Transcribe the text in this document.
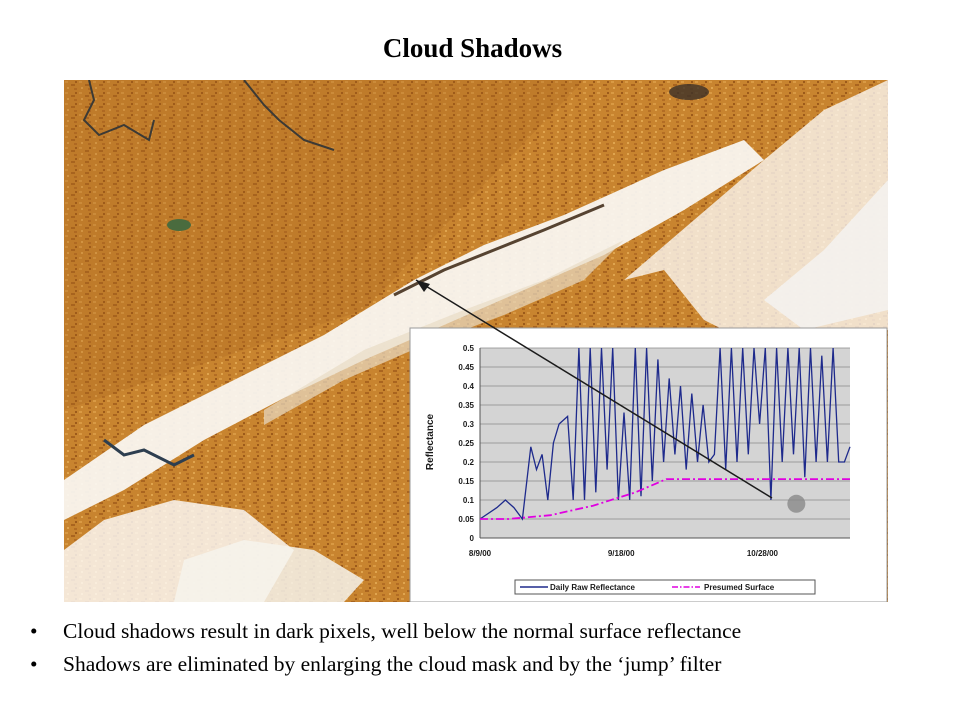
Cloud Shadows
0
0.05
0.1
0.15
0.2
0.25
0.3
0.35
0.4
0.45
0.5
8/9/00	9/18/00	10/28/00
Reflectance
Daily Raw Reflectance	Presumed Surface
• Cloud shadows result in dark pixels, well below the normal surface reflectance
• Shadows are eliminated by enlarging the cloud mask and by the ‘jump’ filter
